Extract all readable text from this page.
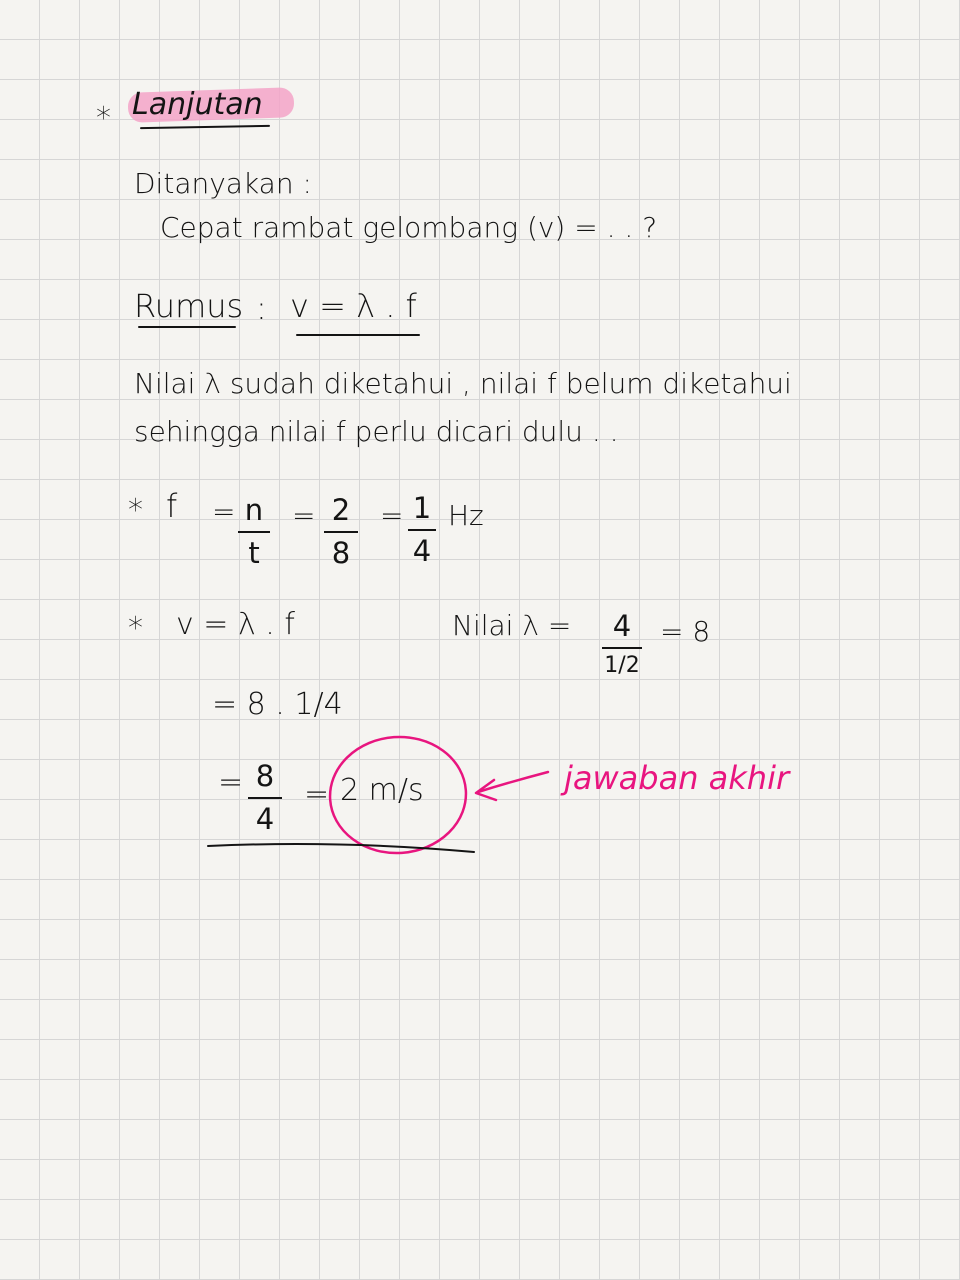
* Lanjutan
Ditanyakan :
Cepat rambat gelombang (v) = . . ?
Rumus : v = λ . f
Nilai λ sudah diketahui , nilai f belum diketahui
sehingga nilai f perlu dicari dulu . .
* f = n
t
= 2
8
= 1
4
Hz
* v = λ . f
= 8 . 1/4
= 8
4
= 2 m/s
Nilai λ =	4
1/2
= 8
jawaban akhir
